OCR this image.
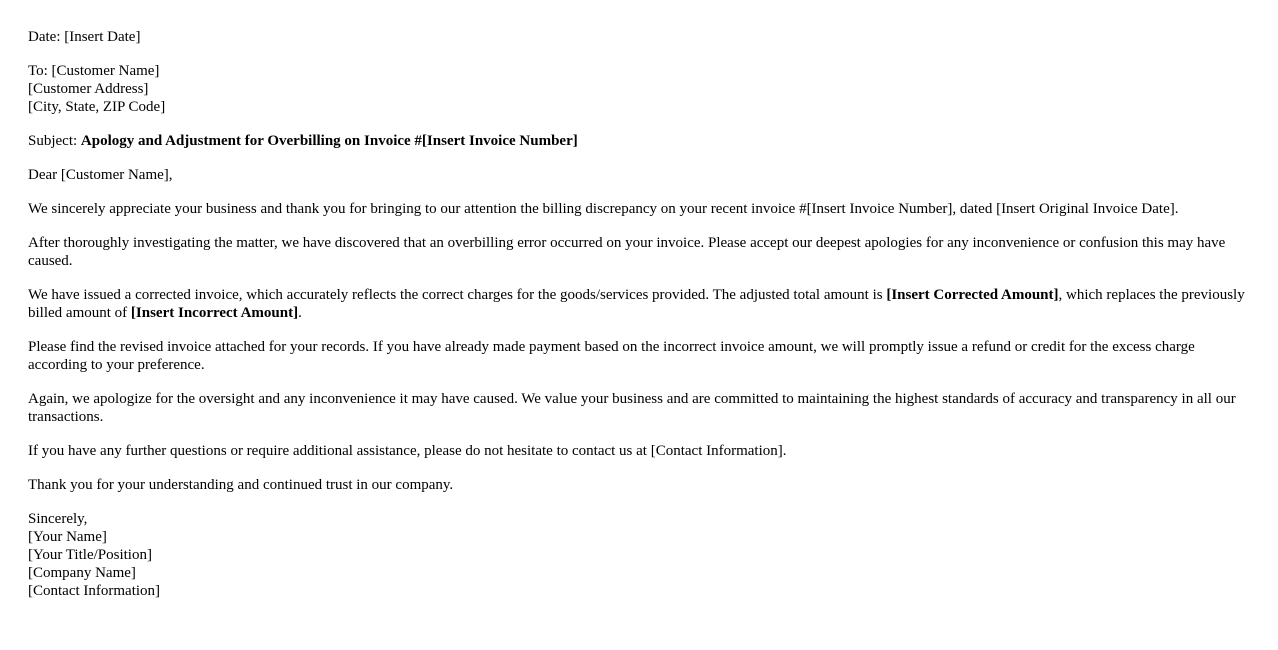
Date: [Insert Date]
To: [Customer Name]
[Customer Address]
[City, State, ZIP Code]
Subject: Apology and Adjustment for Overbilling on Invoice #[Insert Invoice Number]
Dear [Customer Name],
We sincerely appreciate your business and thank you for bringing to our attention the billing discrepancy on your recent invoice #[Insert Invoice Number], dated [Insert Original Invoice Date].
After thoroughly investigating the matter, we have discovered that an overbilling error occurred on your invoice. Please accept our deepest apologies for any inconvenience or confusion this may have caused.
We have issued a corrected invoice, which accurately reflects the correct charges for the goods/services provided. The adjusted total amount is [Insert Corrected Amount], which replaces the previously billed amount of [Insert Incorrect Amount].
Please find the revised invoice attached for your records. If you have already made payment based on the incorrect invoice amount, we will promptly issue a refund or credit for the excess charge according to your preference.
Again, we apologize for the oversight and any inconvenience it may have caused. We value your business and are committed to maintaining the highest standards of accuracy and transparency in all our transactions.
If you have any further questions or require additional assistance, please do not hesitate to contact us at [Contact Information].
Thank you for your understanding and continued trust in our company.
Sincerely,
[Your Name]
[Your Title/Position]
[Company Name]
[Contact Information]
